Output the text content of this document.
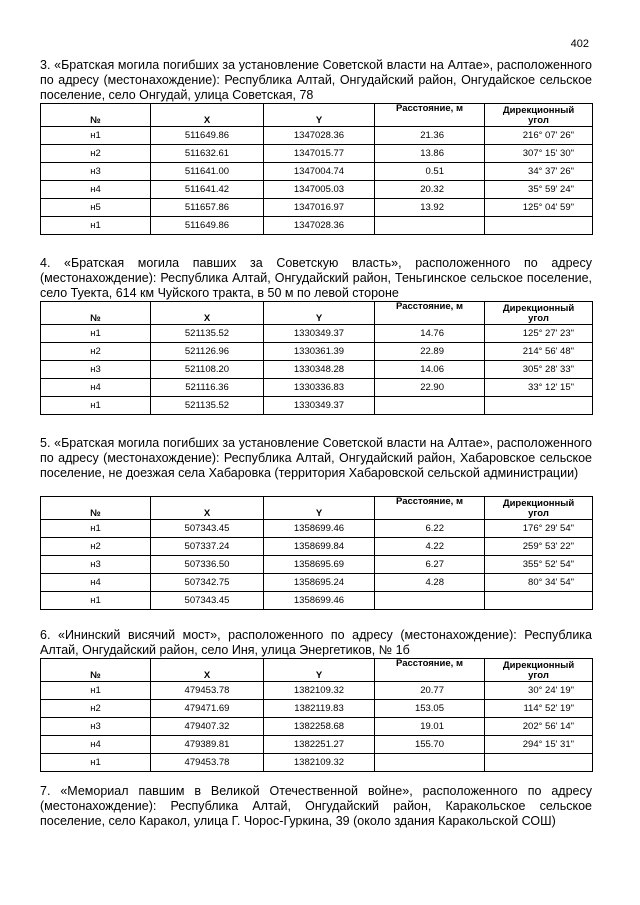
402
3. «Братская могила погибших за установление Советской власти на Алтае», расположенного по адресу (местонахождение): Республика Алтай, Онгудайский район, Онгудайское сельское поселение, село Онгудай, улица Советская, 78
№	X	Y	Расстояние, м	Дирекционный
угол

н1	511649.86	1347028.36	21.36	216° 07' 26"
н2	511632.61	1347015.77	13.86	307° 15' 30"
н3	511641.00	1347004.74	0.51	34° 37' 26"
н4	511641.42	1347005.03	20.32	35° 59' 24"
н5	511657.86	1347016.97	13.92	125° 04' 59"
н1	511649.86	1347028.36		
4. «Братская могила павших за Советскую власть», расположенного по адресу (местонахождение): Республика Алтай, Онгудайский район, Теньгинское сельское поселение, село Туекта, 614 км Чуйского тракта, в 50 м по левой стороне
№	X	Y	Расстояние, м	Дирекционный
угол

н1	521135.52	1330349.37	14.76	125° 27' 23"
н2	521126.96	1330361.39	22.89	214° 56' 48"
н3	521108.20	1330348.28	14.06	305° 28' 33"
н4	521116.36	1330336.83	22.90	33° 12' 15"
н1	521135.52	1330349.37		
5. «Братская могила погибших за установление Советской власти на Алтае», расположенного по адресу (местонахождение): Республика Алтай, Онгудайский район, Хабаровское сельское поселение, не доезжая села Хабаровка (территория Хабаровской сельской администрации)
№	X	Y	Расстояние, м	Дирекционный
угол

н1	507343.45	1358699.46	6.22	176° 29' 54"
н2	507337.24	1358699.84	4.22	259° 53' 22"
н3	507336.50	1358695.69	6.27	355° 52' 54"
н4	507342.75	1358695.24	4.28	80° 34' 54"
н1	507343.45	1358699.46		
6. «Ининский висячий мост», расположенного по адресу (местонахождение): Республика Алтай, Онгудайский район, село Иня, улица Энергетиков, № 1б
№	X	Y	Расстояние, м	Дирекционный
угол

н1	479453.78	1382109.32	20.77	30° 24' 19"
н2	479471.69	1382119.83	153.05	114° 52' 19"
н3	479407.32	1382258.68	19.01	202° 56' 14"
н4	479389.81	1382251.27	155.70	294° 15' 31"
н1	479453.78	1382109.32		
7. «Мемориал павшим в Великой Отечественной войне», расположенного по адресу (местонахождение): Республика Алтай, Онгудайский район, Каракольское сельское поселение, село Каракол, улица Г. Чорос-Гуркина, 39 (около здания Каракольской СОШ)
